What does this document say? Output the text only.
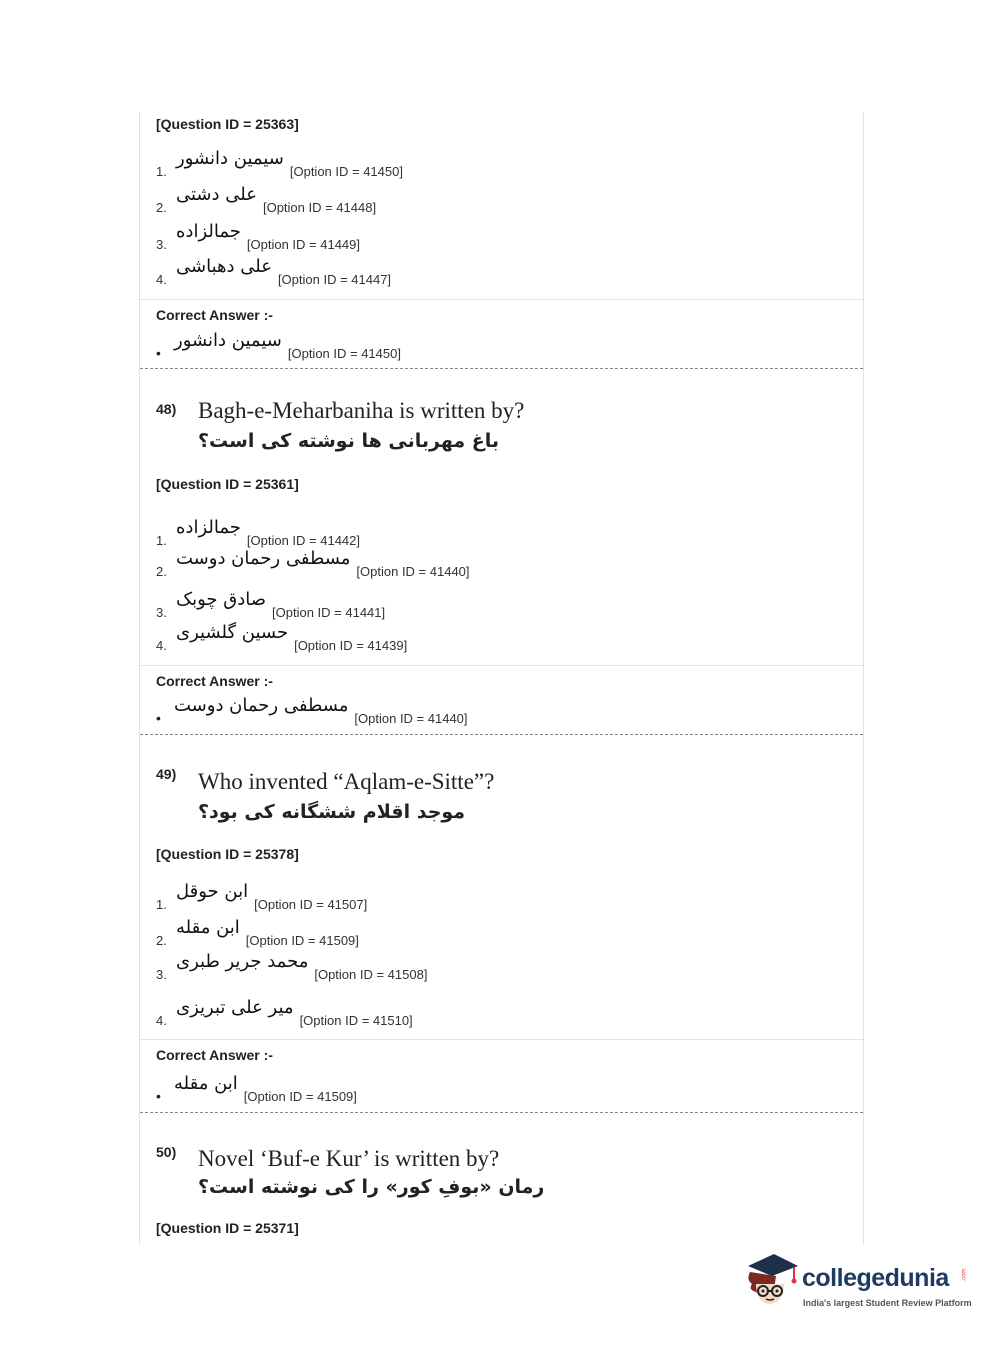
[Question ID = 25363]
1.سیمین دانشور[Option ID = 41450]
2.علی دشتی[Option ID = 41448]
3.جمالزاده[Option ID = 41449]
4.علی دهباشی[Option ID = 41447]
Correct Answer :-
•سیمین دانشور[Option ID = 41450]
48) Bagh-e-Meharbaniha is written by?
باغ مهربانی ها نوشته کی است؟
[Question ID = 25361]
1.جمالزاده[Option ID = 41442]
2.مسطفی رحمان دوست[Option ID = 41440]
3.صادق چوبک[Option ID = 41441]
4.حسین گلشیری[Option ID = 41439]
Correct Answer :-
•مسطفی رحمان دوست[Option ID = 41440]
49) Who invented “Aqlam-e-Sitte”?
موجد اقلام ششگانه کی بود؟
[Question ID = 25378]
1.ابن حوقل[Option ID = 41507]
2.ابن مقله[Option ID = 41509]
3.محمد جریر طبری[Option ID = 41508]
4.میر علی تبریزی[Option ID = 41510]
Correct Answer :-
•ابن مقله[Option ID = 41509]
50) Novel ‘Buf-e Kur’ is written by?
رمان «بوفِ کور» را کی نوشته است؟
[Question ID = 25371]
collegedunia .com
India's largest Student Review Platform
